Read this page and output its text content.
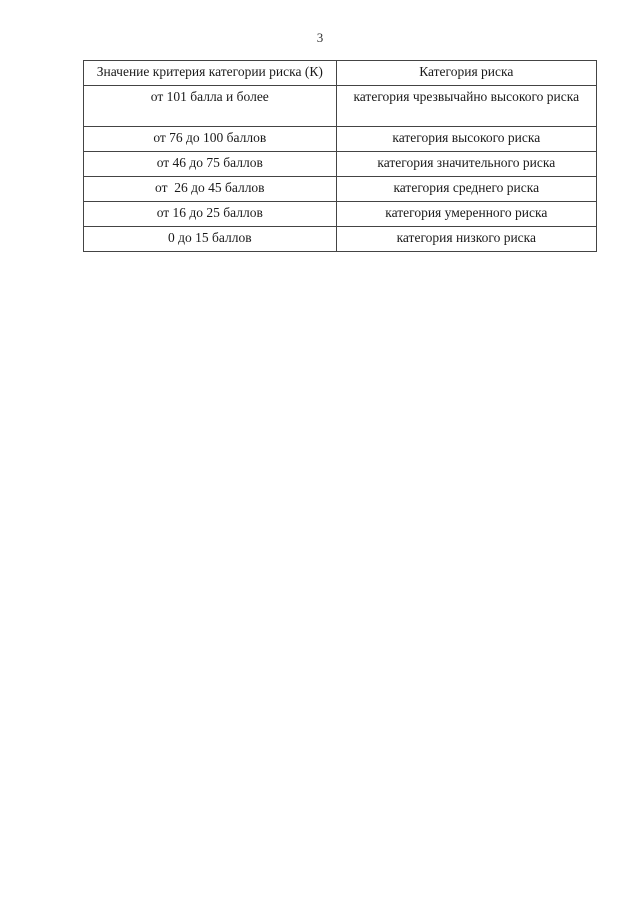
3
Значение критерия категории риска (К)	Категория риска
от 101 балла и более	категория чрезвычайно высокого риска
от 76 до 100 баллов	категория высокого риска
от 46 до 75 баллов	категория значительного риска
от  26 до 45 баллов	категория среднего риска
от 16 до 25 баллов	категория умеренного риска
0 до 15 баллов	категория низкого риска
